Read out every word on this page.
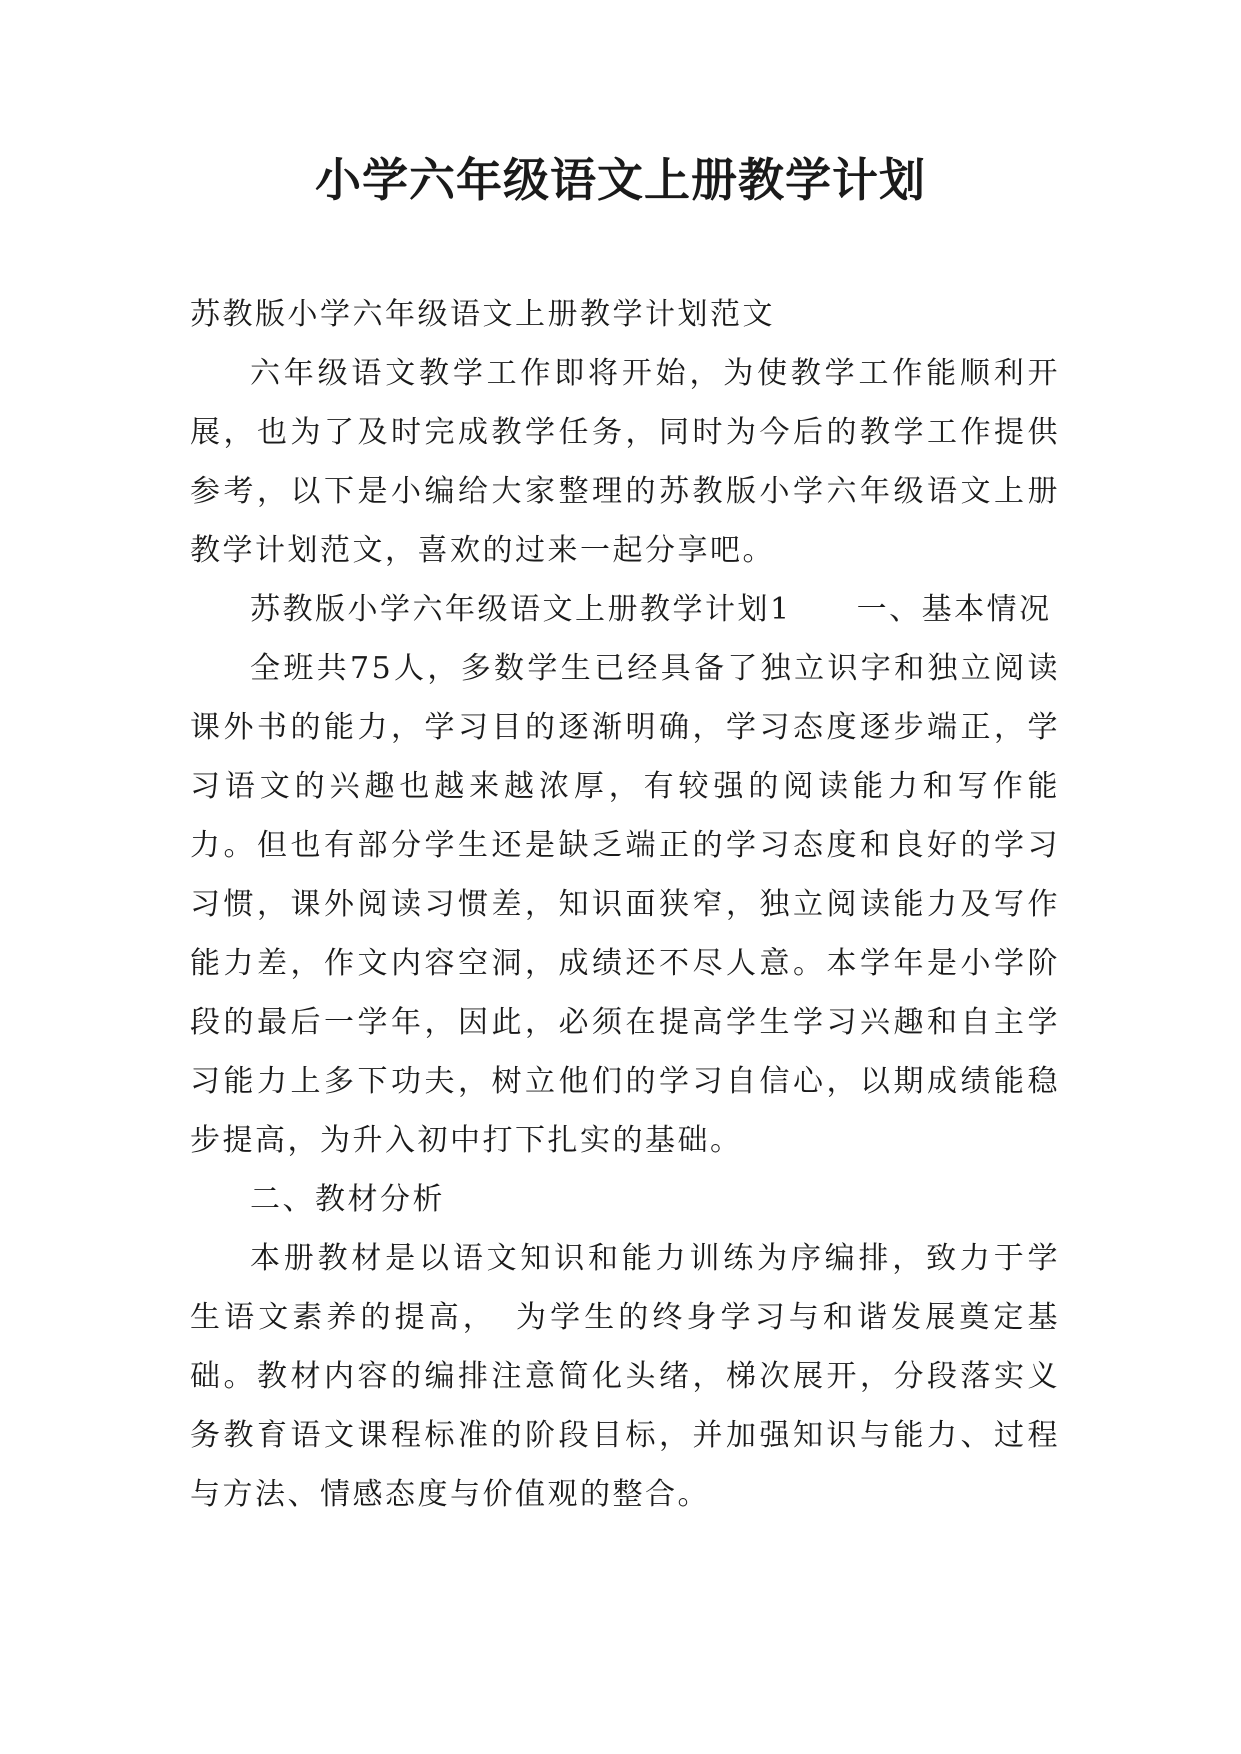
小学六年级语文上册教学计划

苏教版小学六年级语文上册教学计划范文

六年级语文教学工作即将开始，为使教学工作能顺利开展，也为了及时完成教学任务，同时为今后的教学工作提供参考，以下是小编给大家整理的苏教版小学六年级语文上册教学计划范文，喜欢的过来一起分享吧。

苏教版小学六年级语文上册教学计划1　　一、基本情况

全班共75人，多数学生已经具备了独立识字和独立阅读课外书的能力，学习目的逐渐明确，学习态度逐步端正，学习语文的兴趣也越来越浓厚，有较强的阅读能力和写作能力。但也有部分学生还是缺乏端正的学习态度和良好的学习习惯，课外阅读习惯差，知识面狭窄，独立阅读能力及写作能力差，作文内容空洞，成绩还不尽人意。本学年是小学阶段的最后一学年，因此，必须在提高学生学习兴趣和自主学习能力上多下功夫，树立他们的学习自信心，以期成绩能稳步提高，为升入初中打下扎实的基础。

二、教材分析

本册教材是以语文知识和能力训练为序编排，致力于学生语文素养的提高，　为学生的终身学习与和谐发展奠定基础。教材内容的编排注意简化头绪，梯次展开，分段落实义务教育语文课程标准的阶段目标，并加强知识与能力、过程与方法、情感态度与价值观的整合。
